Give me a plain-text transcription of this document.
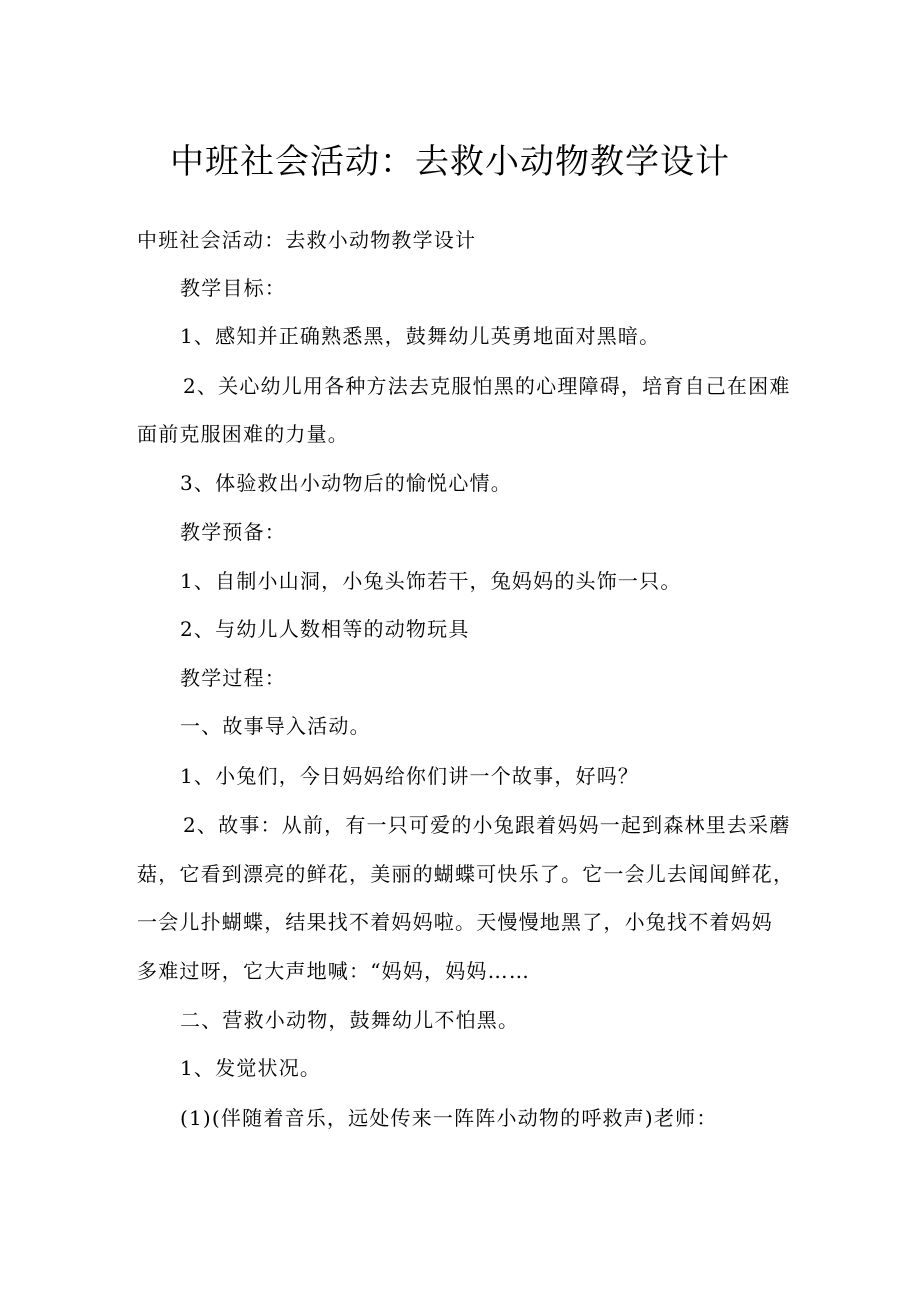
中班社会活动：去救小动物教学设计

中班社会活动：去救小动物教学设计

教学目标：

1、感知并正确熟悉黑，鼓舞幼儿英勇地面对黑暗。

2、关心幼儿用各种方法去克服怕黑的心理障碍，培育自己在困难

面前克服困难的力量。

3、体验救出小动物后的愉悦心情。

教学预备：

1、自制小山洞，小兔头饰若干，兔妈妈的头饰一只。

2、与幼儿人数相等的动物玩具

教学过程：

一、故事导入活动。

1、小兔们，今日妈妈给你们讲一个故事，好吗？

2、故事：从前，有一只可爱的小兔跟着妈妈一起到森林里去采蘑

菇，它看到漂亮的鲜花，美丽的蝴蝶可快乐了。它一会儿去闻闻鲜花，

一会儿扑蝴蝶，结果找不着妈妈啦。天慢慢地黑了，小兔找不着妈妈

多难过呀，它大声地喊：“妈妈，妈妈……

二、营救小动物，鼓舞幼儿不怕黑。

1、发觉状况。

(1)(伴随着音乐，远处传来一阵阵小动物的呼救声)老师：
